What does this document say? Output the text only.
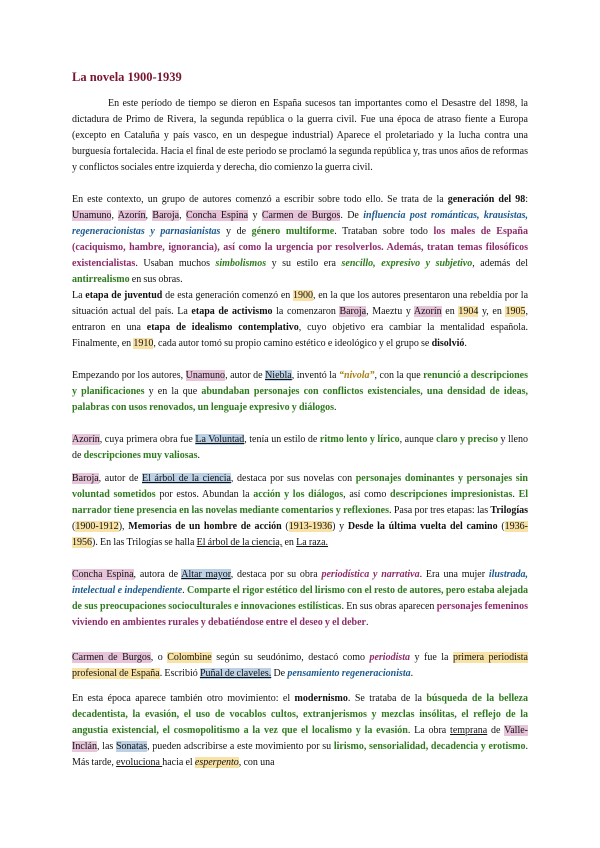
La novela 1900-1939

En este período de tiempo se dieron en España sucesos tan importantes como el Desastre del 1898, la dictadura de Primo de Rivera, la segunda república o la guerra civil. Fue una época de atraso fiente a Europa (excepto en Cataluña y país vasco, en un despegue industrial) Aparece el proletariado y la lucha contra una burguesía fortalecida. Hacia el final de este periodo se proclamó la segunda república y, tras unos años de reformas y conflictos sociales entre izquierda y derecha, dio comienzo la guerra civil.

En este contexto, un grupo de autores comenzó a escribir sobre todo ello. Se trata de la generación del 98: Unamuno, Azorín, Baroja, Concha Espina y Carmen de Burgos. De influencia post románticas, krausistas, regeneracionistas y parnasianistas y de género multiforme. Trataban sobre todo los males de España (caciquismo, hambre, ignorancia), así como la urgencia por resolverlos. Además, tratan temas filosóficos existencialistas. Usaban muchos simbolismos y su estilo era sencillo, expresivo y subjetivo, además del antirrealismo en sus obras.

La etapa de juventud de esta generación comenzó en 1900, en la que los autores presentaron una rebeldía por la situación actual del país. La etapa de activismo la comenzaron Baroja, Maeztu y Azorín en 1904 y, en 1905, entraron en una etapa de idealismo contemplativo, cuyo objetivo era cambiar la mentalidad española. Finalmente, en 1910, cada autor tomó su propio camino estético e ideológico y el grupo se disolvió.

Empezando por los autores, Unamuno, autor de Niebla, inventó la “nivola”, con la que renunció a descripciones y planificaciones y en la que abundaban personajes con conflictos existenciales, una densidad de ideas, palabras con usos renovados, un lenguaje expresivo y diálogos.

Azorín, cuya primera obra fue La Voluntad, tenía un estilo de ritmo lento y lírico, aunque claro y preciso y lleno de descripciones muy valiosas.

Baroja, autor de El árbol de la ciencia, destaca por sus novelas con personajes dominantes y personajes sin voluntad sometidos por estos. Abundan la acción y los diálogos, así como descripciones impresionistas. El narrador tiene presencia en las novelas mediante comentarios y reflexiones. Pasa por tres etapas: las Trilogías (1900-1912), Memorias de un hombre de acción (1913-1936) y Desde la última vuelta del camino (1936-1956). En las Trilogías se halla El árbol de la ciencia, en La raza.

Concha Espina, autora de Altar mayor, destaca por su obra periodística y narrativa. Era una mujer ilustrada, intelectual e independiente. Comparte el rigor estético del lirismo con el resto de autores, pero estaba alejada de sus preocupaciones socioculturales e innovaciones estilísticas. En sus obras aparecen personajes femeninos viviendo en ambientes rurales y debatiéndose entre el deseo y el deber.

Carmen de Burgos, o Colombine según su seudónimo, destacó como periodista y fue la primera periodista profesional de España. Escribió Puñal de claveles. De pensamiento regeneracionista.

En esta época aparece también otro movimiento: el modernismo. Se trataba de la búsqueda de la belleza decadentista, la evasión, el uso de vocablos cultos, extranjerismos y mezclas insólitas, el reflejo de la angustia existencial, el cosmopolitismo a la vez que el localismo y la evasión. La obra temprana de Valle-Inclán, las Sonatas, pueden adscribirse a este movimiento por su lirismo, sensorialidad, decadencia y erotismo. Más tarde, evoluciona hacia el esperpento, con una
